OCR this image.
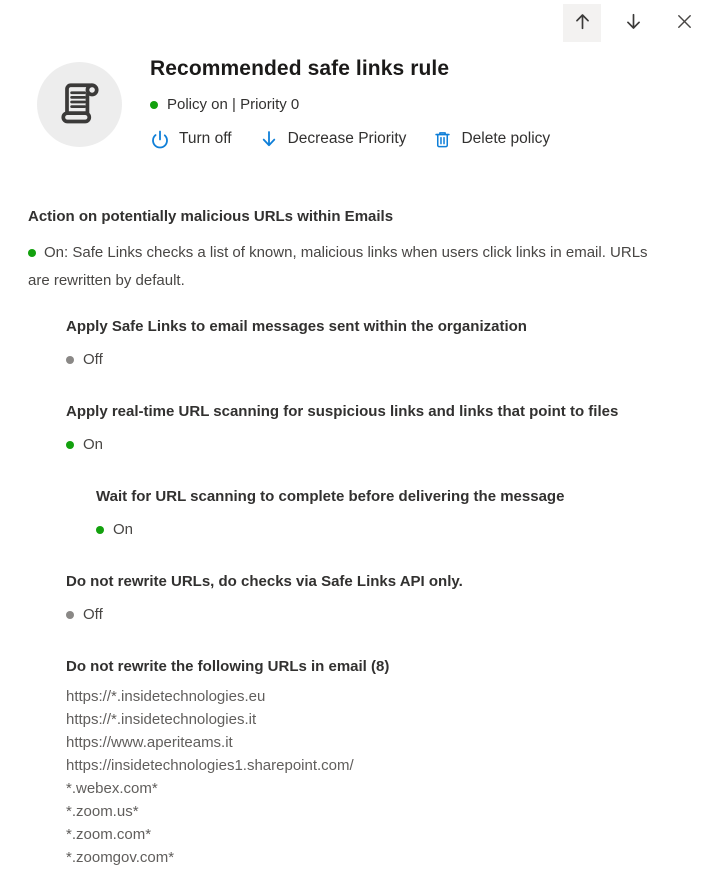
Recommended safe links rule
Policy on | Priority 0
Turn off	Decrease Priority	Delete policy
Action on potentially malicious URLs within Emails
On: Safe Links checks a list of known, malicious links when users click links in email. URLs are rewritten by default.
Apply Safe Links to email messages sent within the organization
Off
Apply real-time URL scanning for suspicious links and links that point to files
On
Wait for URL scanning to complete before delivering the message
On
Do not rewrite URLs, do checks via Safe Links API only.
Off
Do not rewrite the following URLs in email (8)
https://*.insidetechnologies.eu
https://*.insidetechnologies.it
https://www.aperiteams.it
https://insidetechnologies1.sharepoint.com/
*.webex.com*
*.zoom.us*
*.zoom.com*
*.zoomgov.com*
